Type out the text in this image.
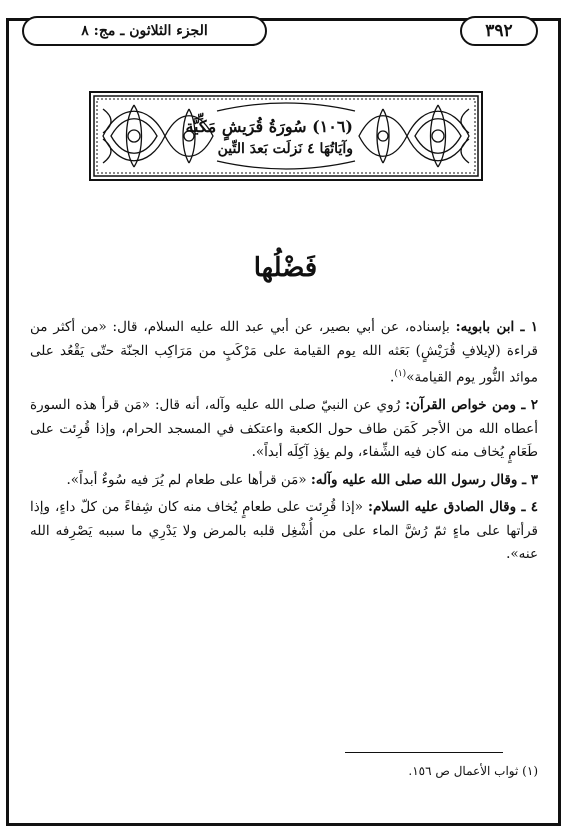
الجزء الثلاثون ـ مج: ٨	٣٩٢
(١٠٦) سُورَةُ قُرَيشٍ مَكِّيَّة
وآيَاتُهَا ٤ نَزلَت بَعدَ التِّين
فَضْلُها

١ ـ ابن بابويه: بإسناده، عن أبي بصير، عن أبي عبد الله عليه السلام، قال: «من أكثر من قراءة (لإيلافِ قُرَيْشٍ) بَعَثه الله يوم القيامة على مَرْكَبٍ من مَرَاكِب الجنّة حتّى يَقْعُد على موائد النُّور يوم القيامة»$^{(١)}$.

٢ ـ ومن خواص القرآن: رُوي عن النبيّ صلى الله عليه وآله، أنه قال: «مَن قرأ هذه السورة أعطاه الله من الأجر كَمَن طاف حول الكعبة واعتكف في المسجد الحرام، وإذا قُرِئت على طَعَامٍ يُخاف منه كان فيه الشِّفاء، ولم يؤذِ آكِلَه أبداً».

٣ ـ وقال رسول الله صلى الله عليه وآله: «مَن قرأها على طعام لم يُرَ فيه سُوءٌ أبداً».

٤ ـ وقال الصادق عليه السلام: «إذا قُرِئت على طعامٍ يُخاف منه كان شِفاءً من كلّ داءٍ، وإذا قرأتها على ماءٍ ثمّ رُشَّ الماء على من أُشْغِل قلبه بالمرض ولا يَدْرِي ما سببه يَصْرِفه الله عنه».

(١) ثواب الأعمال ص ١٥٦.
